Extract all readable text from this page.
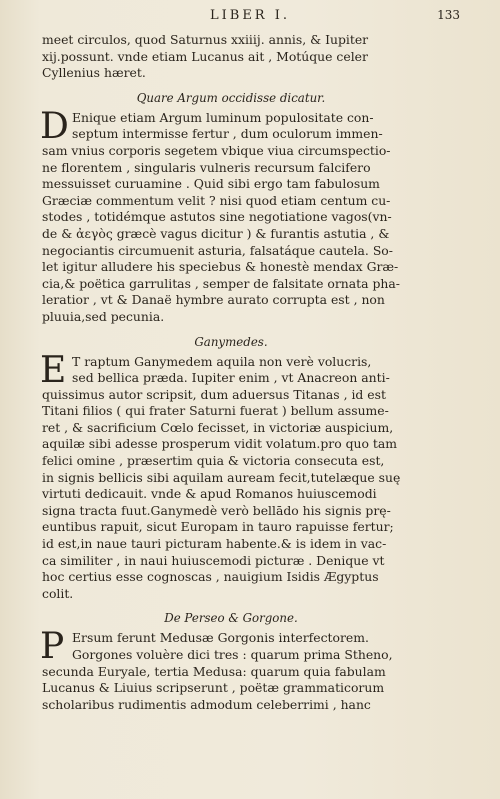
LIBER I.	133
meet circulos, quod Saturnus xxiiij. annis, & Iupiter
xij.possunt. vnde etiam Lucanus ait , Motúque celer
Cyllenius hæret.
Quare Argum occidisse dicatur.
D Enique etiam Argum luminum populositate con-
septum intermisse fertur , dum oculorum immen-
sam vnius corporis segetem vbique viua circumspectio-
ne florentem , singularis vulneris recursum falcifero
messuisset curuamine . Quid sibi ergo tam fabulosum
Græciæ commentum velit ? nisi quod etiam centum cu-
stodes , totidémque astutos sine negotiatione vagos(vn-
de & ἀεγὸς græcè vagus dicitur ) & furantis astutia , &
negociantis circumuenit asturia, falsatáque cautela. So-
let igitur alludere his speciebus & honestè mendax Græ-
cia,& poëtica garrulitas , semper de falsitate ornata pha-
leratior , vt & Danaë hymbre aurato corrupta est , non
pluuia,sed pecunia.
Ganymedes.
E T raptum Ganymedem aquila non verè volucris,
sed bellica præda. Iupiter enim , vt Anacreon anti-
quissimus autor scripsit, dum aduersus Titanas , id est
Titani filios ( qui frater Saturni fuerat ) bellum assume-
ret , & sacrificium Cœlo fecisset, in victoriæ auspicium,
aquilæ sibi adesse prosperum vidit volatum.pro quo tam
felici omine , præsertim quia & victoria consecuta est,
in signis bellicis sibi aquilam auream fecit,tutelæque suę
virtuti dedicauit. vnde & apud Romanos huiuscemodi
signa tracta fuut.Ganymedè verò bellādo his signis prę-
euntibus rapuit, sicut Europam in tauro rapuisse fertur;
id est,in naue tauri picturam habente.& is idem in vac-
ca similiter , in naui huiuscemodi picturæ . Denique vt
hoc certius esse cognoscas , nauigium Isidis Ægyptus
colit.
De Perseo & Gorgone.
P Ersum ferunt Medusæ Gorgonis interfectorem.
Gorgones voluère dici tres : quarum prima Stheno,
secunda Euryale, tertia Medusa: quarum quia fabulam
Lucanus & Liuius scripserunt , poëtæ grammaticorum
scholaribus rudimentis admodum celeberrimi , hanc
